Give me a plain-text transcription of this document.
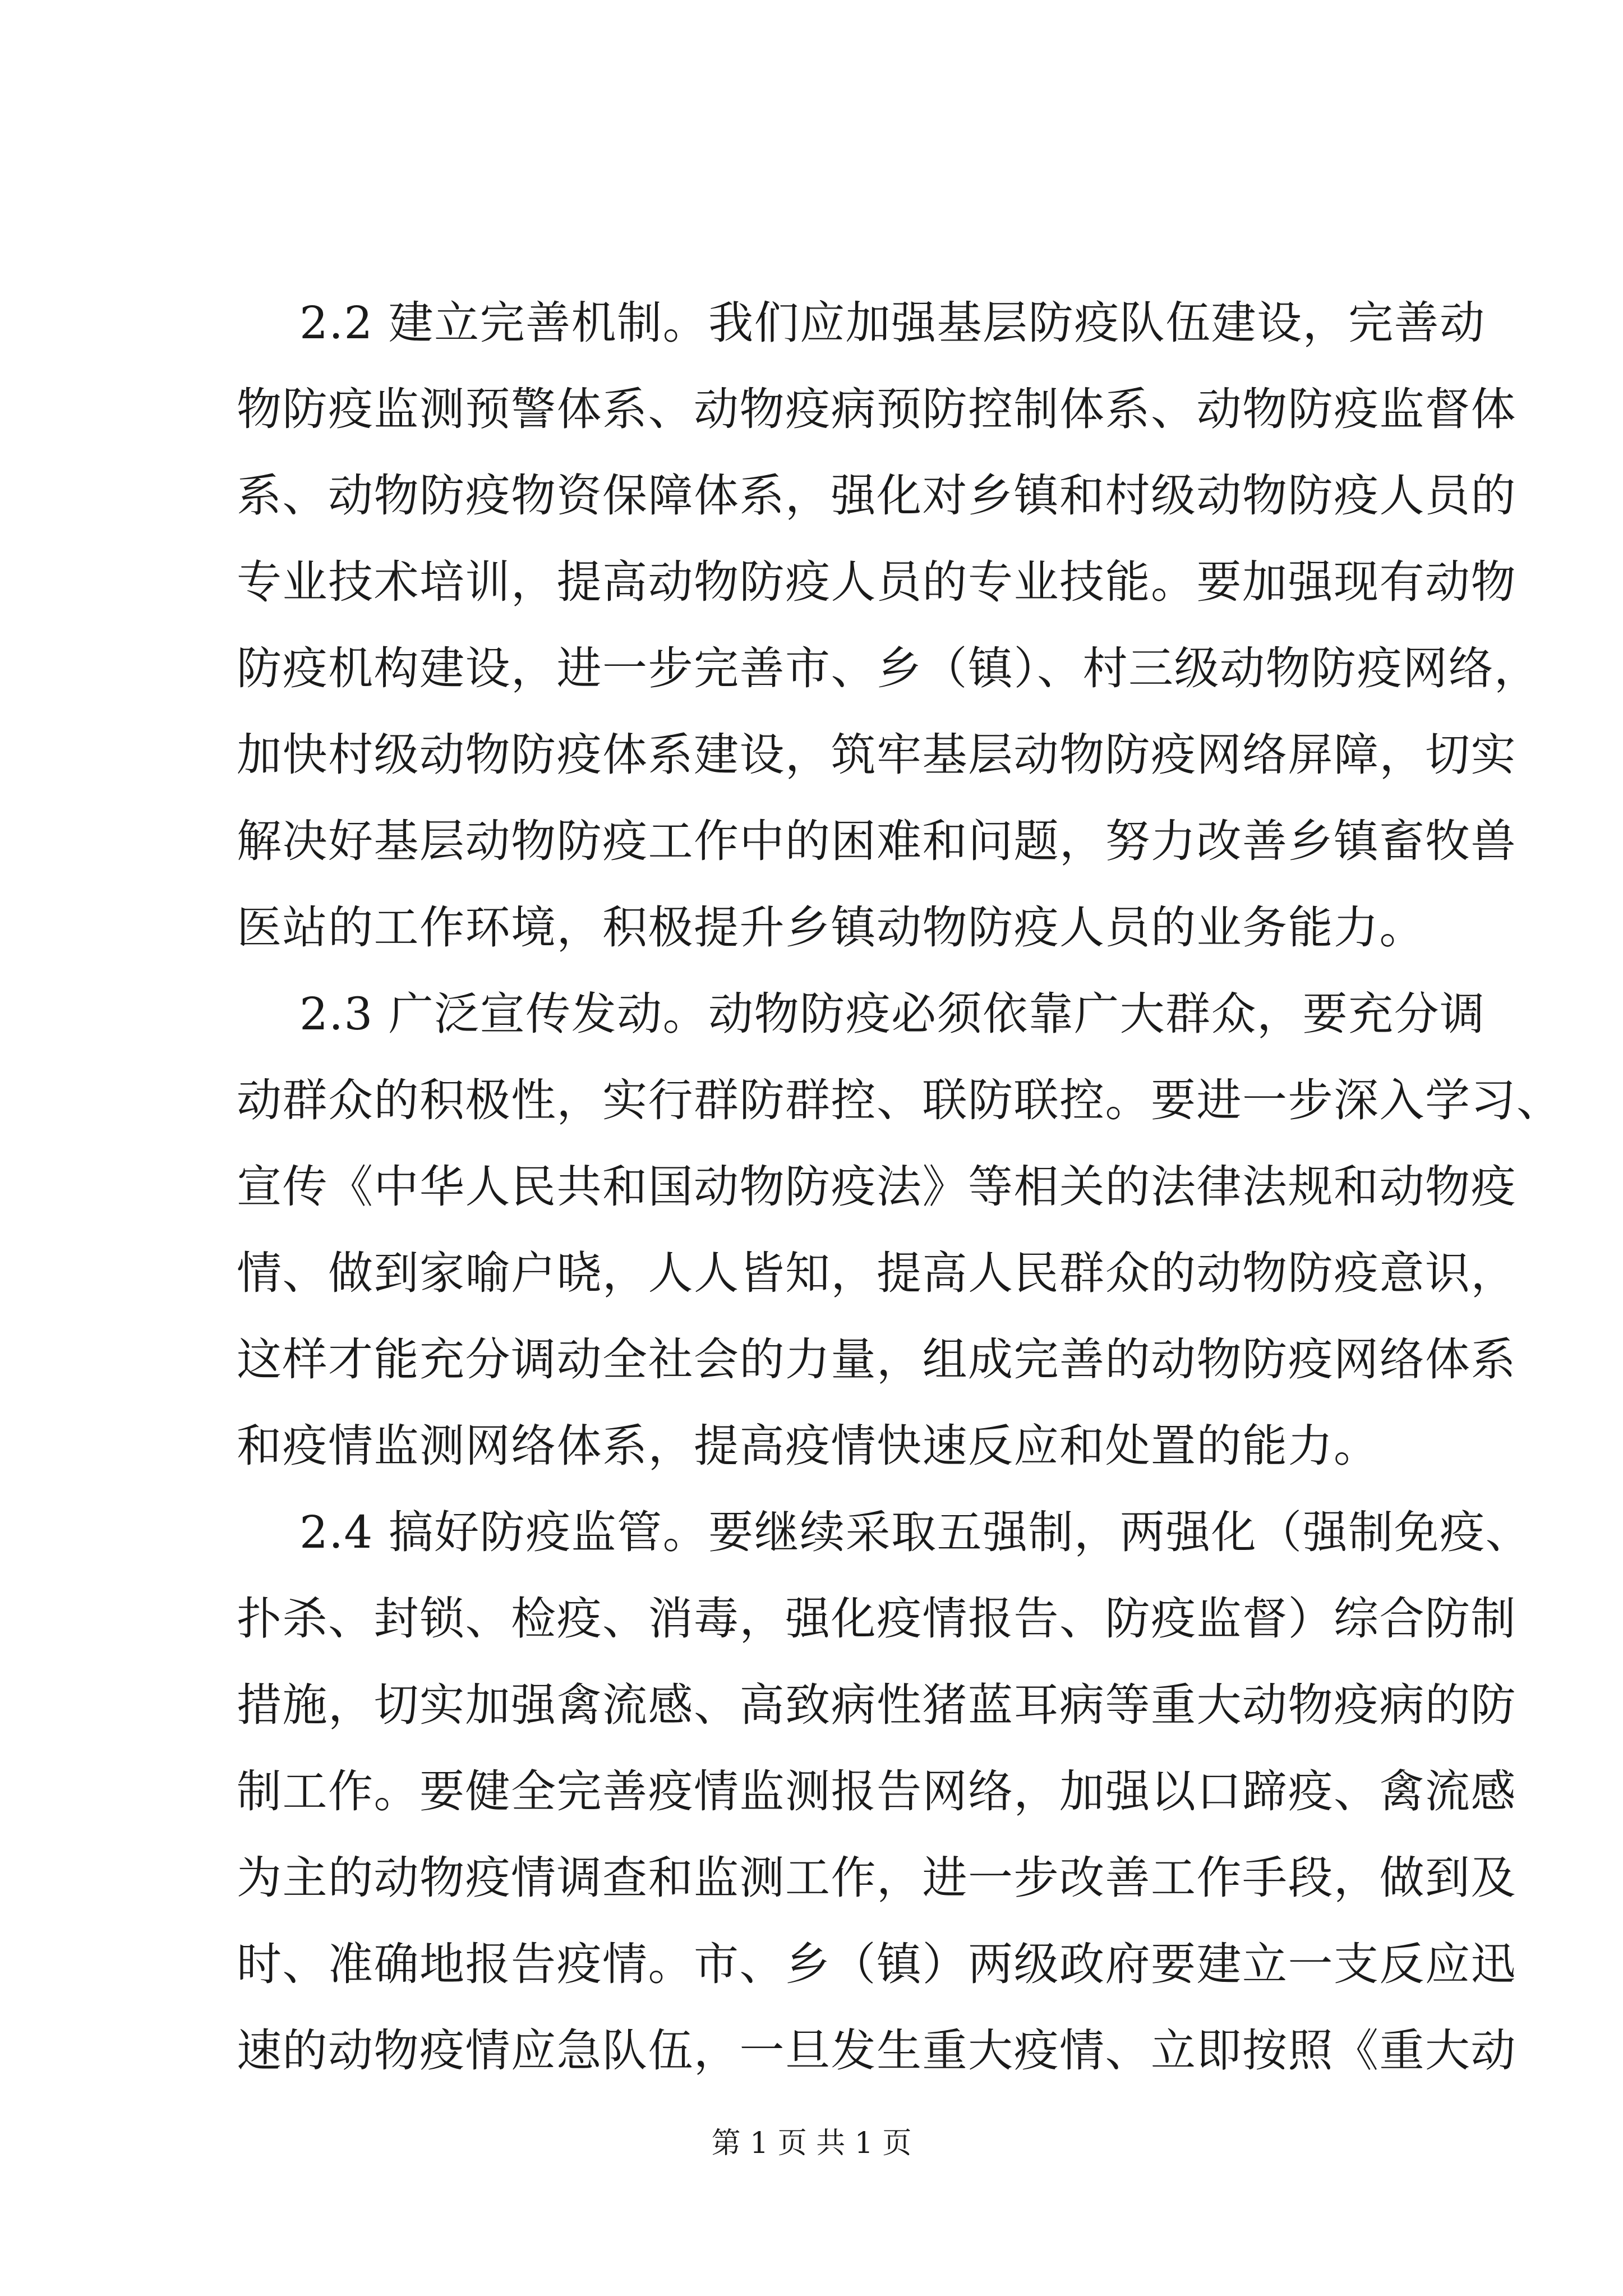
2.2 建立完善机制。我们应加强基层防疫队伍建设，完善动
物防疫监测预警体系、动物疫病预防控制体系、动物防疫监督体
系、动物防疫物资保障体系，强化对乡镇和村级动物防疫人员的
专业技术培训，提高动物防疫人员的专业技能。要加强现有动物
防疫机构建设，进一步完善市、乡（镇）、村三级动物防疫网络，
加快村级动物防疫体系建设，筑牢基层动物防疫网络屏障，切实
解决好基层动物防疫工作中的困难和问题，努力改善乡镇畜牧兽
医站的工作环境，积极提升乡镇动物防疫人员的业务能力。
2.3 广泛宣传发动。动物防疫必须依靠广大群众，要充分调
动群众的积极性，实行群防群控、联防联控。要进一步深入学习、
宣传《中华人民共和国动物防疫法》等相关的法律法规和动物疫
情、做到家喻户晓，人人皆知，提高人民群众的动物防疫意识，
这样才能充分调动全社会的力量，组成完善的动物防疫网络体系
和疫情监测网络体系，提高疫情快速反应和处置的能力。
2.4 搞好防疫监管。要继续采取五强制，两强化（强制免疫、
扑杀、封锁、检疫、消毒，强化疫情报告、防疫监督）综合防制
措施，切实加强禽流感、高致病性猪蓝耳病等重大动物疫病的防
制工作。要健全完善疫情监测报告网络，加强以口蹄疫、禽流感
为主的动物疫情调查和监测工作，进一步改善工作手段，做到及
时、准确地报告疫情。市、乡（镇）两级政府要建立一支反应迅
速的动物疫情应急队伍，一旦发生重大疫情、立即按照《重大动
第 1 页 共 1 页
